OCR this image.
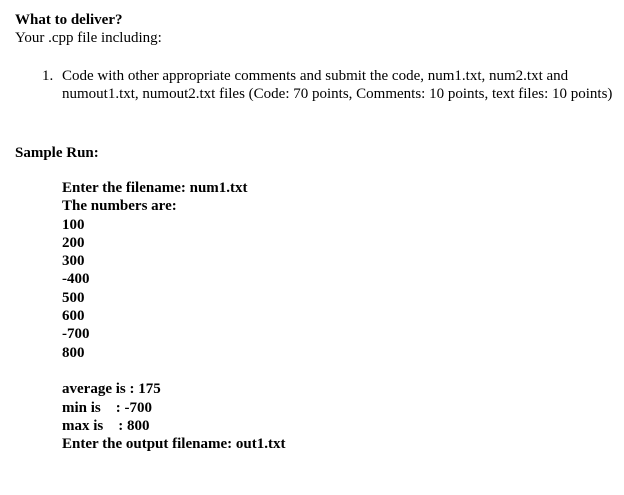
What to deliver?

Your .cpp file including:

1. Code with other appropriate comments and submit the code, num1.txt, num2.txt and numout1.txt, numout2.txt files (Code: 70 points, Comments: 10 points, text files: 10 points)

Sample Run:

Enter the filename: num1.txt
The numbers are:
100
200
300
-400
500
600
-700
800
average is : 175
min is    : -700
max is    : 800
Enter the output filename: out1.txt
